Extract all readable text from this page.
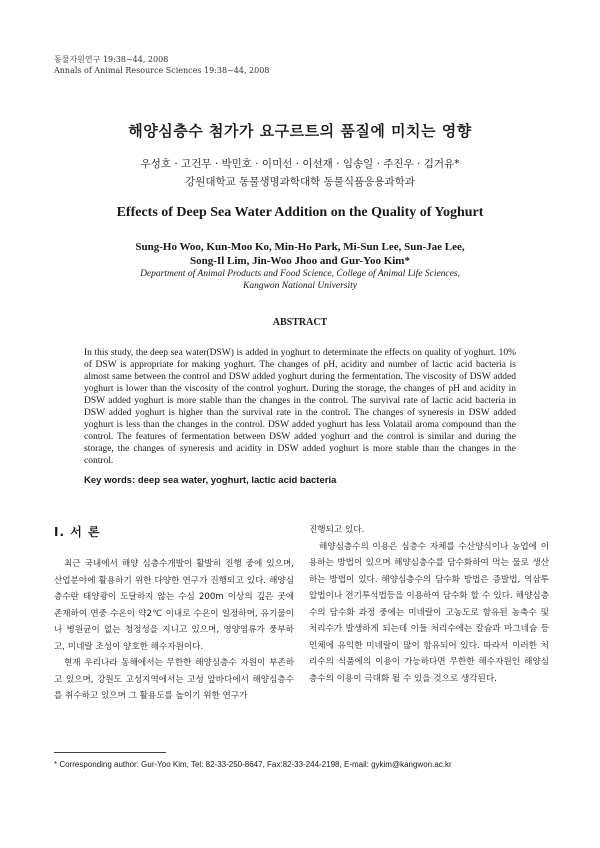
동물자원연구 19:38~44, 2008
Annals of Animal Resource Sciences 19:38~44, 2008
해양심층수 첨가가 요구르트의 품질에 미치는 영향
우성호 · 고건무 · 박민호 · 이미선 · 이선재 · 임송일 · 주진우 · 김거유*
강원대학교 동물생명과학대학 동물식품응용과학과
Effects of Deep Sea Water Addition on the Quality of Yoghurt
Sung-Ho Woo, Kun-Moo Ko, Min-Ho Park, Mi-Sun Lee, Sun-Jae Lee,
Song-Il Lim, Jin-Woo Jhoo and Gur-Yoo Kim*
Department of Animal Products and Food Science, College of Animal Life Sciences,
Kangwon National University
ABSTRACT
In this study, the deep sea water(DSW) is added in yoghurt to determinate the effects on quality of yoghurt. 10% of DSW is appropriate for making yoghurt. The changes of pH, acidity and number of lactic acid bacteria is almost same between the control and DSW added yoghurt during the fermentation. The viscosity of DSW added yoghurt is lower than the viscosity of the control yoghurt. During the storage, the changes of pH and acidity in DSW added yoghurt is more stable than the changes in the control. The survival rate of lactic acid bacteria in DSW added yoghurt is higher than the survival rate in the control. The changes of syneresis in DSW added yoghurt is less than the changes in the control. DSW added yoghurt has less Volatail aroma compound than the control. The features of fermentation between DSW added yoghurt and the control is similar and during the storage, the changes of syneresis and acidity in DSW added yoghurt is more stable than the changes in the control.
Key words: deep sea water, yoghurt, lactic acid bacteria
Ⅰ. 서 론

최근 국내에서 해양 심층수개발이 활발히 진행 중에 있으며, 산업분야에 활용하기 위한 다양한 연구가 진행되고 있다. 해양심층수란 태양광이 도달하지 않는 수심 200m 이상의 깊은 곳에 존재하여 연중 수온이 약2℃ 이내로 수온이 일정하며, 유기물이나 병원균이 없는 청정성을 지니고 있으며, 영양염류가 풍부하고, 미네랄 조성이 양호한 해수자원이다.

현재 우리나라 동해에서는 무한한 해양심층수 자원이 부존하고 있으며, 강원도 고성지역에서는 고성 앞바다에서 해양심층수를 취수하고 있으며 그 활용도를 높이기 위한 연구가

진행되고 있다.

해양심층수의 이용은 심층수 자체를 수산양식이나 농업에 이용하는 방법이 있으며 해양심층수를 담수화하여 먹는 물로 생산하는 방법이 있다. 해양심층수의 담수화 방법은 증발법, 역삼투압법이나 전기투석법등을 이용하여 담수화 할 수 있다. 해양심층수의 담수화 과정 중에는 미네랄이 고농도로 함유된 농축수 및 처리수가 발생하게 되는데 이들 처리수에는 칼슘과 마그네슘 등 인체에 유익한 미네랄이 많이 함유되어 있다. 따라서 이러한 처리수의 식품에의 이용이 가능하다면 무한한 해수자원인 해양심층수의 이용이 극대화 될 수 있을 것으로 생각된다.

* Corresponding author: Gur-Yoo Kim, Tel: 82-33-250-8647, Fax:82-33-244-2198, E-mail: gykim@kangwon.ac.kr
